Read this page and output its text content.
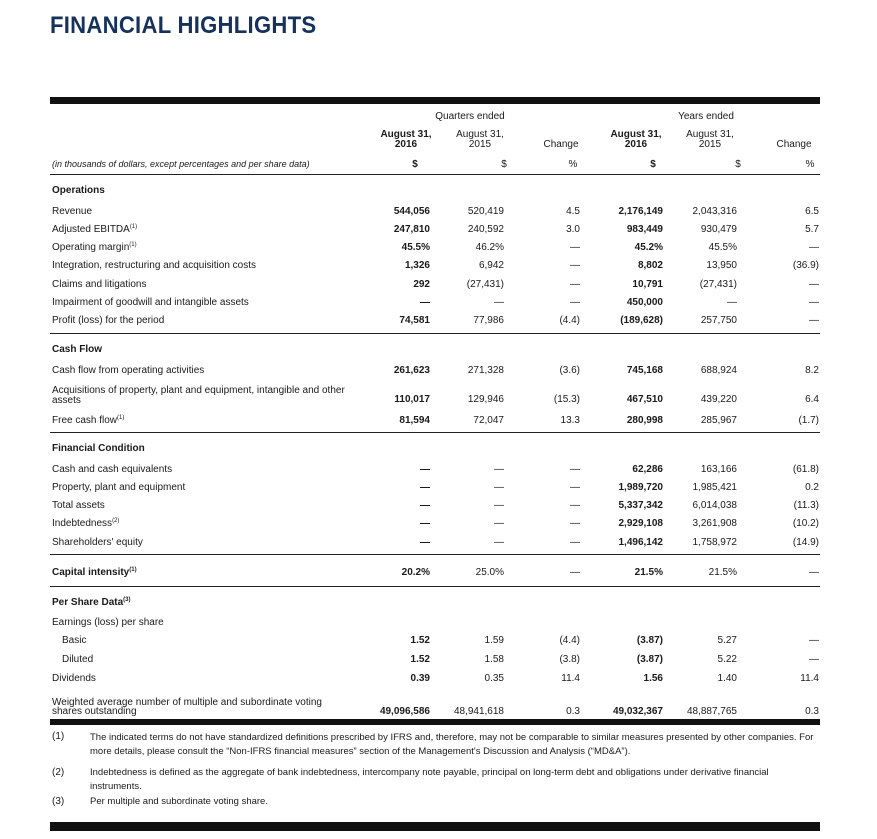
FINANCIAL HIGHLIGHTS
Quarters ended	Years ended
August 31, 2016
August 31, 2015	Change
August 31, 2016
August 31, 2015	Change
(in thousands of dollars, except percentages and per share data)	$	$	%	$	$	%
Operations
Revenue	544,056	520,419	4.5	2,176,149	2,043,316	6.5
Adjusted EBITDA$^{(1)}$	247,810	240,592	3.0	983,449	930,479	5.7
Operating margin$^{(1)}$	45.5%	46.2%	—	45.2%	45.5%	—
Integration, restructuring and acquisition costs	1,326	6,942	—	8,802	13,950	(36.9)
Claims and litigations	292	(27,431)	—	10,791	(27,431)	—
Impairment of goodwill and intangible assets	—	—	—	450,000	—	—
Profit (loss) for the period	74,581	77,986	(4.4)	(189,628)	257,750	—
Cash Flow
Cash flow from operating activities	261,623	271,328	(3.6)	745,168	688,924	8.2
Acquisitions of property, plant and equipment, intangible and other assets	110,017	129,946	(15.3)	467,510	439,220	6.4
Free cash flow$^{(1)}$	81,594	72,047	13.3	280,998	285,967	(1.7)
Financial Condition
Cash and cash equivalents	—	—	—	62,286	163,166	(61.8)
Property, plant and equipment	—	—	—	1,989,720	1,985,421	0.2
Total assets	—	—	—	5,337,342	6,014,038	(11.3)
Indebtedness$^{(2)}$	—	—	—	2,929,108	3,261,908	(10.2)
Shareholders' equity	—	—	—	1,496,142	1,758,972	(14.9)
Capital intensity$^{(1)}$	20.2%	25.0%	—	21.5%	21.5%	—
Per Share Data$^{(3)}$
Earnings (loss) per share
Basic	1.52	1.59	(4.4)	(3.87)	5.27	—
Diluted	1.52	1.58	(3.8)	(3.87)	5.22	—
Dividends	0.39	0.35	11.4	1.56	1.40	11.4
Weighted average number of multiple and subordinate voting shares outstanding	49,096,586 48,941,618	0.3	49,032,367 48,887,765	0.3
(1)	The indicated terms do not have standardized definitions prescribed by IFRS and, therefore, may not be comparable to similar measures presented by other companies. For more details, please consult the “Non-IFRS financial measures” section of the Management's Discussion and Analysis (“MD&A”).
(2)	Indebtedness is defined as the aggregate of bank indebtedness, intercompany note payable, principal on long-term debt and obligations under derivative financial instruments.
(3)	Per multiple and subordinate voting share.
